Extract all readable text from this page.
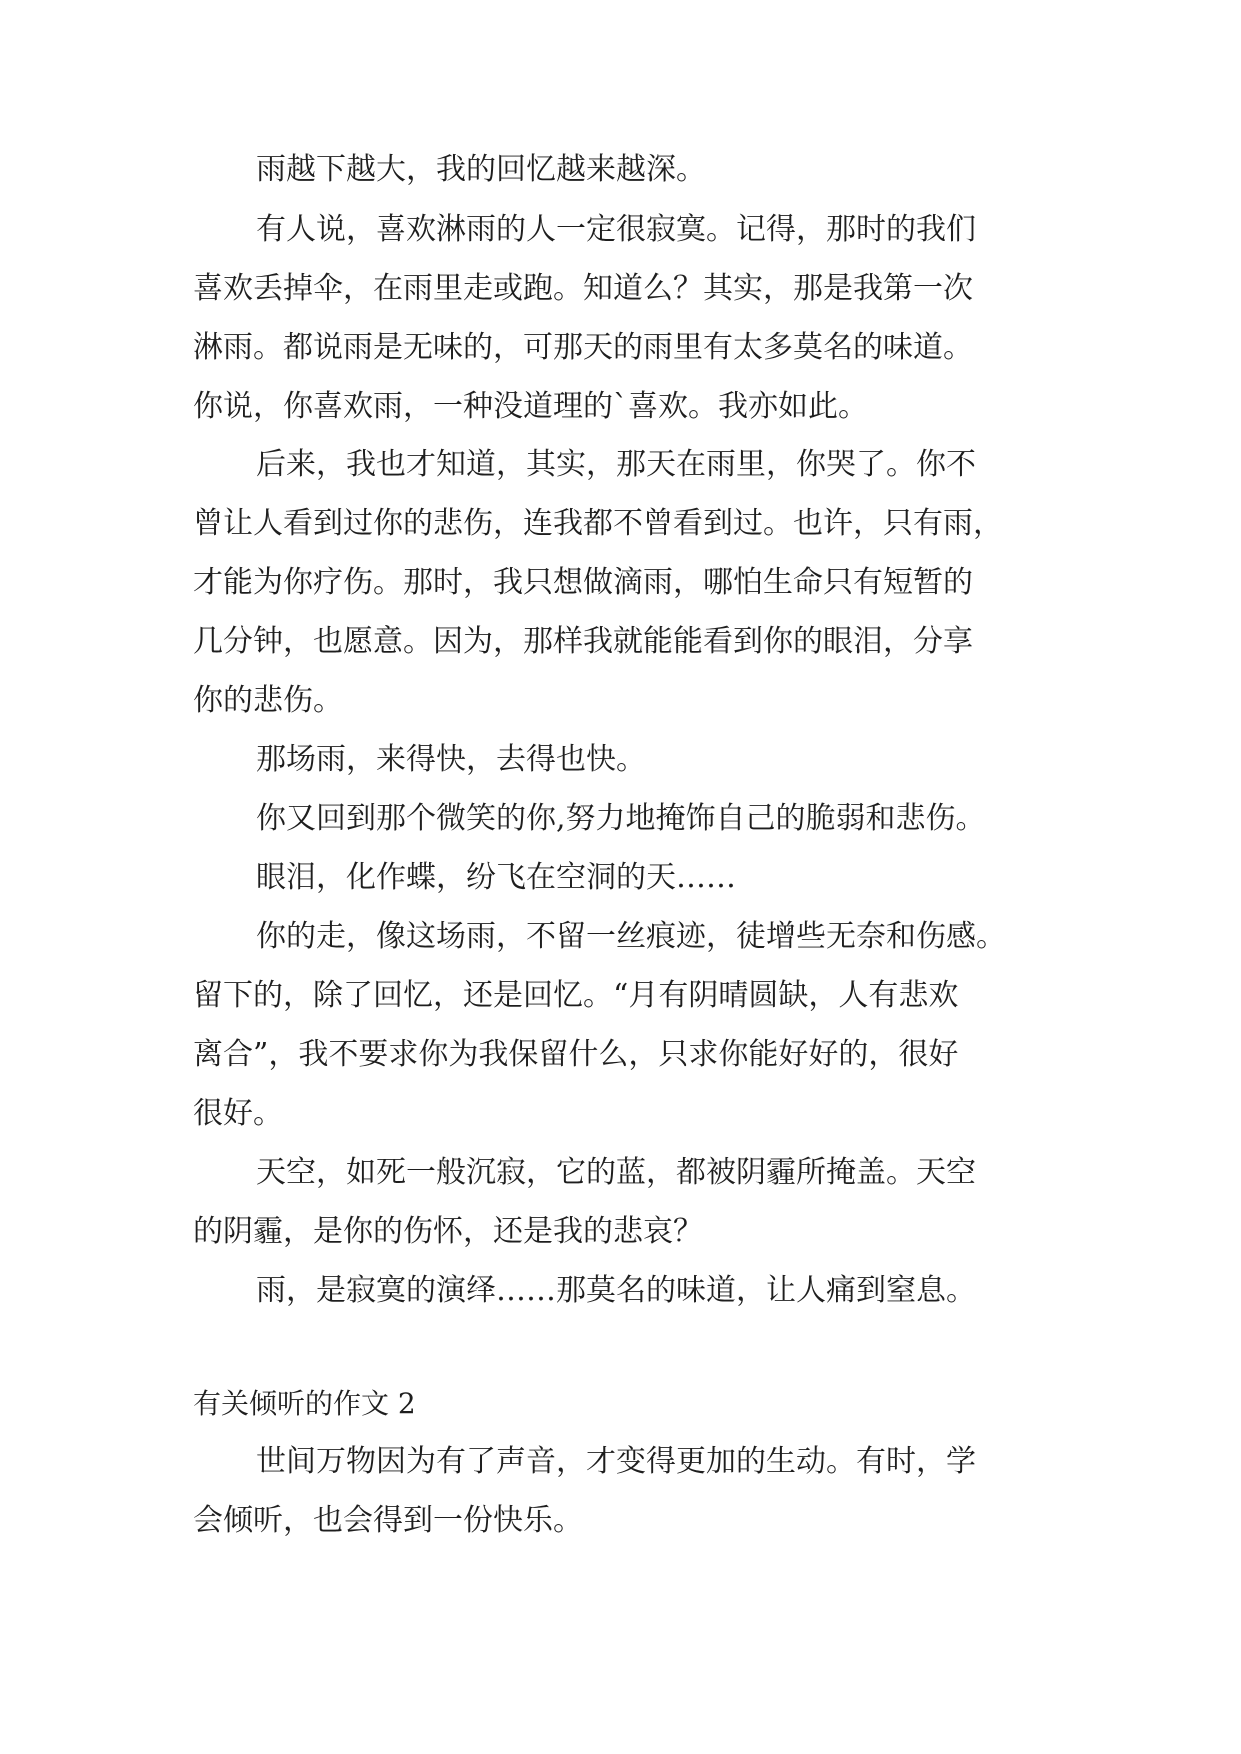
雨越下越大，我的回忆越来越深。
有人说，喜欢淋雨的人一定很寂寞。记得，那时的我们
喜欢丢掉伞，在雨里走或跑。知道么？其实，那是我第一次
淋雨。都说雨是无味的，可那天的雨里有太多莫名的味道。
你说，你喜欢雨，一种没道理的`喜欢。我亦如此。
后来，我也才知道，其实，那天在雨里，你哭了。你不
曾让人看到过你的悲伤，连我都不曾看到过。也许，只有雨，
才能为你疗伤。那时，我只想做滴雨，哪怕生命只有短暂的
几分钟，也愿意。因为，那样我就能能看到你的眼泪，分享
你的悲伤。
那场雨，来得快，去得也快。
你又回到那个微笑的你,努力地掩饰自己的脆弱和悲伤。
眼泪，化作蝶，纷飞在空洞的天……
你的走，像这场雨，不留一丝痕迹，徒增些无奈和伤感。
留下的，除了回忆，还是回忆。“月有阴晴圆缺，人有悲欢
离合”，我不要求你为我保留什么，只求你能好好的，很好
很好。
天空，如死一般沉寂，它的蓝，都被阴霾所掩盖。天空
的阴霾，是你的伤怀，还是我的悲哀？
雨，是寂寞的演绎……那莫名的味道，让人痛到窒息。
有关倾听的作文 2
世间万物因为有了声音，才变得更加的生动。有时，学
会倾听，也会得到一份快乐。
